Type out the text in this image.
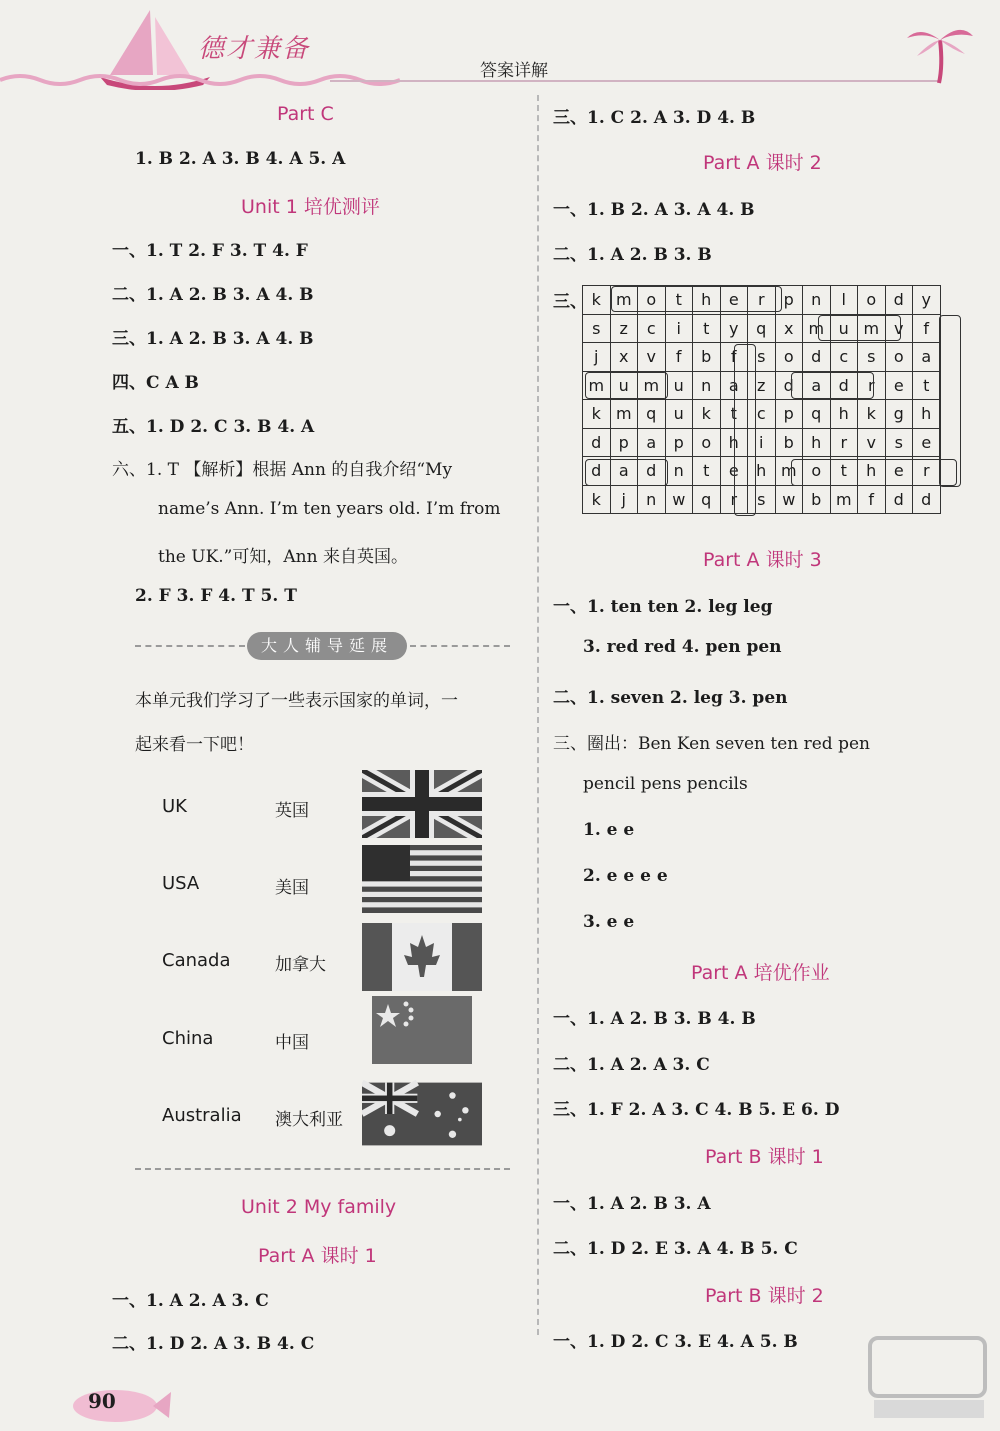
德才兼备
答案详解
Part C
1. B 2. A 3. B 4. A 5. A
Unit 1 培优测评
一、1. T 2. F 3. T 4. F
二、1. A 2. B 3. A 4. B
三、1. A 2. B 3. A 4. B
四、C A B
五、1. D 2. C 3. B 4. A
六、1. T 【解析】根据 Ann 的自我介绍“My
name’s Ann. I’m ten years old. I’m from
the UK.”可知，Ann 来自英国。
2. F 3. F 4. T 5. T
大人辅导延展
本单元我们学习了一些表示国家的单词，一
起来看一下吧！
UK	英国
USA	美国
Canada	加拿大
China	中国
Australia 澳大利亚
Unit 2 My family
Part A 课时 1
一、1. A 2. A 3. C
二、1. D 2. A 3. B 4. C
三、1. C 2. A 3. D 4. B
Part A 课时 2
一、1. B 2. A 3. A 4. B
二、1. A 2. B 3. B
三、 k	m	o	t	h	e	r	p	n	l	o	d	y
s	z	c	i	t	y	q	x	m	u	m	v	f
j	x	v	f	b	f	s	o	d	c	s	o	a
m	u	m	u	n	a	z	d	a	d	r	e	t
k	m	q	u	k	t	c	p	q	h	k	g	h
d	p	a	p	o	h	i	b	h	r	v	s	e
d	a	d	n	t	e	h	m	o	t	h	e	r
k	j	n	w	q	r	s	w	b	m	f	d	d
Part A 课时 3
一、1. ten ten 2. leg leg
3. red red 4. pen pen
二、1. seven 2. leg 3. pen
三、圈出：Ben Ken seven ten red pen
pencil pens pencils
1. e e
2. e e e e
3. e e
Part A 培优作业
一、1. A 2. B 3. B 4. B
二、1. A 2. A 3. C
三、1. F 2. A 3. C 4. B 5. E 6. D
Part B 课时 1
一、1. A 2. B 3. A
二、1. D 2. E 3. A 4. B 5. C
Part B 课时 2
一、1. D 2. C 3. E 4. A 5. B
90
